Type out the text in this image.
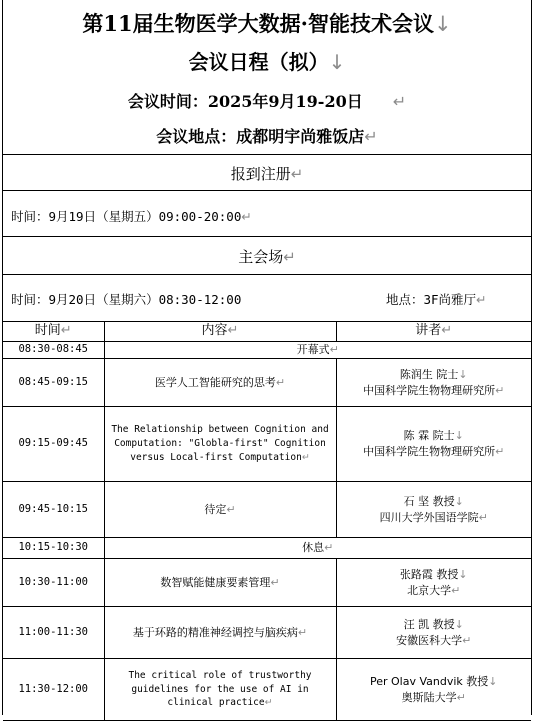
第11届生物医学大数据·智能技术会议↓
会议日程（拟）↓
会议时间：2025年9月19-20日 ↵
会议地点：成都明宇尚雅饭店↵
报到注册↵
时间：9月19日（星期五）09:00-20:00↵
主会场↵
时间：9月20日（星期六）08:30-12:00	地点：3F尚雅厅↵
时间↵	内容↵	讲者↵
08:30-08:45	开幕式↵	
08:45-09:15	医学人工智能研究的思考↵	陈润生 院士↓
中国科学院生物物理研究所↵

09:15-09:45	The Relationship between Cognition and Computation: "Globla-first" Cognition versus Local-first Computation↵	陈 霖 院士↓
中国科学院生物物理研究所↵

09:45-10:15	待定↵	石 坚 教授↓
四川大学外国语学院↵

10:15-10:30	休息↵	
10:30-11:00	数智赋能健康要素管理↵	张路霞 教授↓
北京大学↵

11:00-11:30	基于环路的精准神经调控与脑疾病↵	汪 凯 教授↓
安徽医科大学↵

11:30-12:00	The critical role of trustworthy guidelines for the use of AI in clinical practice↵	Per Olav Vandvik 教授↓
奥斯陆大学↵
